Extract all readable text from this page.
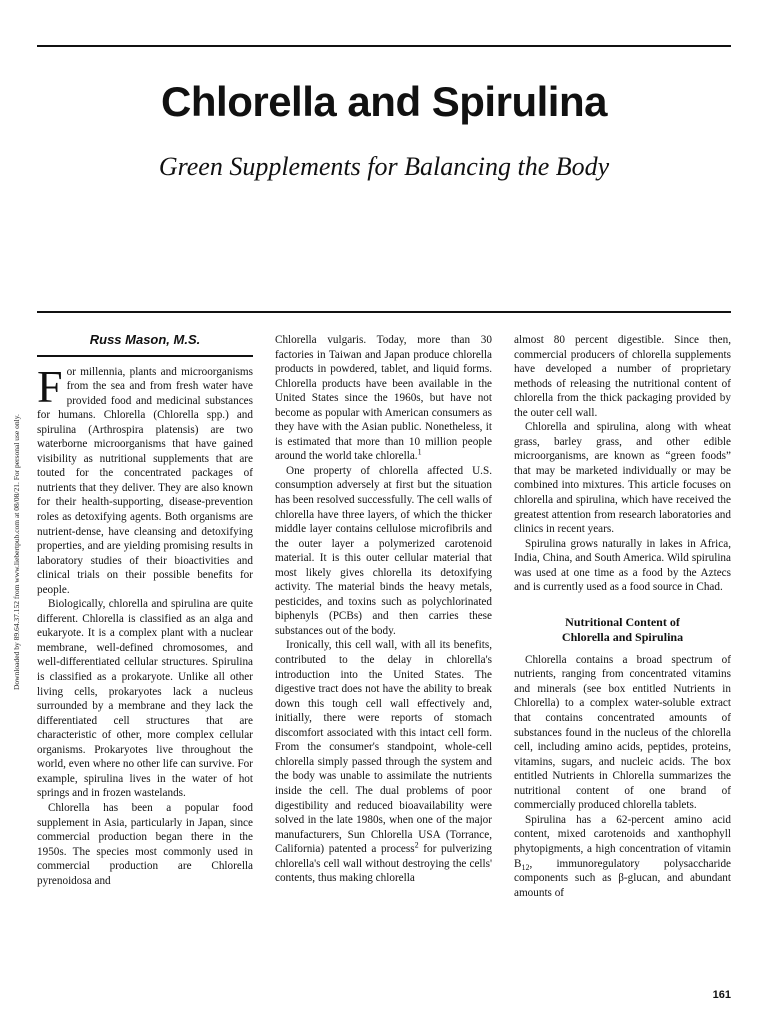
Chlorella and Spirulina
Green Supplements for Balancing the Body
Downloaded by 89.64.37.152 from www.liebertpub.com at 08/08/21. For personal use only.
Russ Mason, M.S.

For millennia, plants and microorganisms from the sea and from fresh water have provided food and medicinal substances for humans. Chlorella (Chlorella spp.) and spirulina (Arthrospira platensis) are two waterborne microorganisms that have gained visibility as nutritional supplements that are touted for the concentrated packages of nutrients that they deliver. They are also known for their health-supporting, disease-prevention roles as detoxifying agents. Both organisms are nutrient-dense, have cleansing and detoxifying properties, and are yielding promising results in laboratory studies of their bioactivities and clinical trials on their possible benefits for people.

Biologically, chlorella and spirulina are quite different. Chlorella is classified as an alga and eukaryote. It is a complex plant with a nuclear membrane, well-defined chromosomes, and well-differentiated cellular structures. Spirulina is classified as a prokaryote. Unlike all other living cells, prokaryotes lack a nucleus surrounded by a membrane and they lack the differentiated cell structures that are characteristic of other, more complex cellular organisms. Prokaryotes live throughout the world, even where no other life can survive. For example, spirulina lives in the water of hot springs and in frozen wastelands.

Chlorella has been a popular food supplement in Asia, particularly in Japan, since commercial production began there in the 1950s. The species most commonly used in commercial production are Chlorella pyrenoidosa and

Chlorella vulgaris. Today, more than 30 factories in Taiwan and Japan produce chlorella products in powdered, tablet, and liquid forms. Chlorella products have been available in the United States since the 1960s, but have not become as popular with American consumers as they have with the Asian public. Nonetheless, it is estimated that more than 10 million people around the world take chlorella.$^1$

One property of chlorella affected U.S. consumption adversely at first but the situation has been resolved successfully. The cell walls of chlorella have three layers, of which the thicker middle layer contains cellulose microfibrils and the outer layer a polymerized carotenoid material. It is this outer cellular material that most likely gives chlorella its detoxifying activity. The material binds the heavy metals, pesticides, and toxins such as polychlorinated biphenyls (PCBs) and then carries these substances out of the body.

Ironically, this cell wall, with all its benefits, contributed to the delay in chlorella's introduction into the United States. The digestive tract does not have the ability to break down this tough cell wall effectively and, initially, there were reports of stomach discomfort associated with this intact cell form. From the consumer's standpoint, whole-cell chlorella simply passed through the system and the body was unable to assimilate the nutrients inside the cell. The dual problems of poor digestibility and reduced bioavailability were solved in the late 1980s, when one of the major manufacturers, Sun Chlorella USA (Torrance, California) patented a process$^2$ for pulverizing chlorella's cell wall without destroying the cells' contents, thus making chlorella

almost 80 percent digestible. Since then, commercial producers of chlorella supplements have developed a number of proprietary methods of releasing the nutritional content of chlorella from the thick packaging provided by the outer cell wall.

Chlorella and spirulina, along with wheat grass, barley grass, and other edible microorganisms, are known as “green foods” that may be marketed individually or may be combined into mixtures. This article focuses on chlorella and spirulina, which have received the greatest attention from research laboratories and clinics in recent years.

Spirulina grows naturally in lakes in Africa, India, China, and South America. Wild spirulina was used at one time as a food by the Aztecs and is currently used as a food source in Chad.

Nutritional Content of
Chlorella and Spirulina

Chlorella contains a broad spectrum of nutrients, ranging from concentrated vitamins and minerals (see box entitled Nutrients in Chlorella) to a complex water-soluble extract that contains concentrated amounts of substances found in the nucleus of the chlorella cell, including amino acids, peptides, proteins, vitamins, sugars, and nucleic acids. The box entitled Nutrients in Chlorella summarizes the nutritional content of one brand of commercially produced chlorella tablets.

Spirulina has a 62-percent amino acid content, mixed carotenoids and xanthophyll phytopigments, a high concentration of vitamin $B_{12}$, immunoregulatory polysaccharide components such as β-glucan, and abundant amounts of

161
